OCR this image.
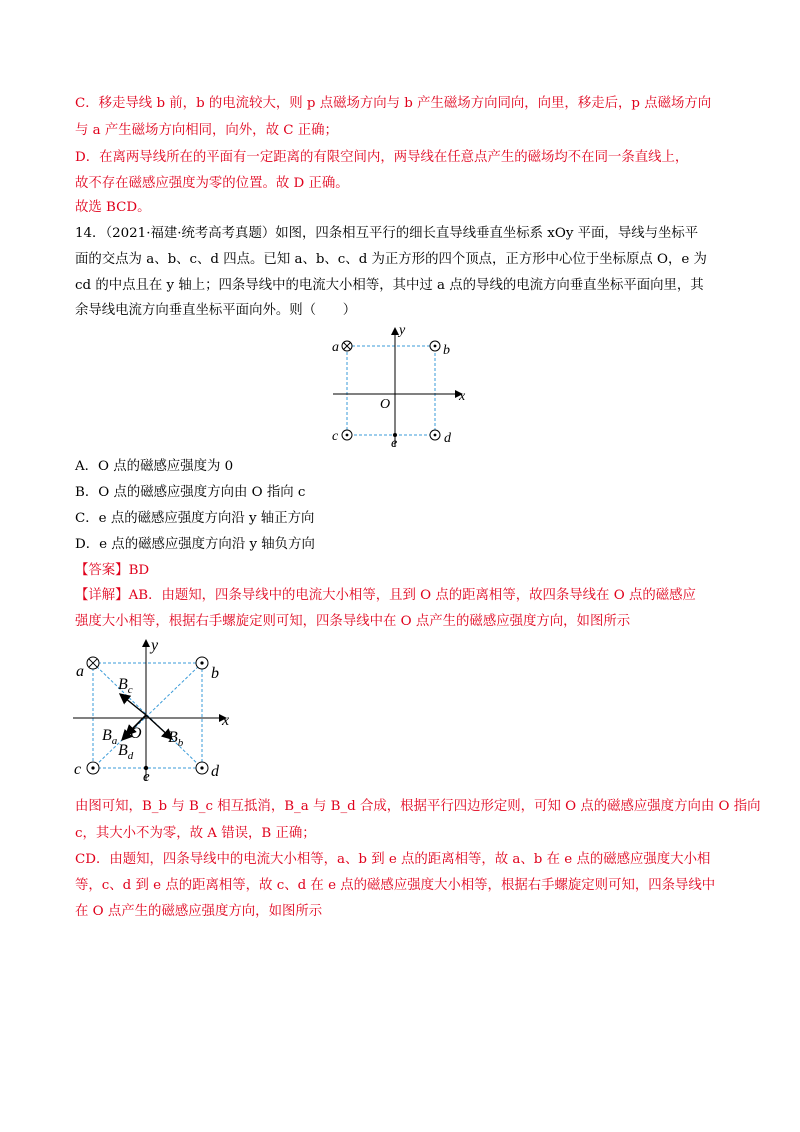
C．移走导线 b 前，b 的电流较大，则 p 点磁场方向与 b 产生磁场方向同向，向里，移走后，p 点磁场方向
与 a 产生磁场方向相同，向外，故 C 正确；
D．在离两导线所在的平面有一定距离的有限空间内，两导线在任意点产生的磁场均不在同一条直线上，
故不存在磁感应强度为零的位置。故 D 正确。
故选 BCD。
14．（2021·福建·统考高考真题）如图，四条相互平行的细长直导线垂直坐标系 xOy 平面，导线与坐标平
面的交点为 a、b、c、d 四点。已知 a、b、c、d 为正方形的四个顶点，正方形中心位于坐标原点 O，e 为
cd 的中点且在 y 轴上；四条导线中的电流大小相等，其中过 a 点的导线的电流方向垂直坐标平面向里，其
余导线电流方向垂直坐标平面向外。则（　　）
a	b
c	d
O
e
x
y
A．O 点的磁感应强度为 0
B．O 点的磁感应强度方向由 O 指向 c
C．e 点的磁感应强度方向沿 y 轴正方向
D．e 点的磁感应强度方向沿 y 轴负方向
【答案】BD
【详解】AB．由题知，四条导线中的电流大小相等，且到 O 点的距离相等，故四条导线在 O 点的磁感应
强度大小相等，根据右手螺旋定则可知，四条导线中在 O 点产生的磁感应强度方向，如图所示
a	b
c	d
O
e
x
y
$B_c$
$B_b$
$B_a$
$B_d$
由图可知，B_b 与 B_c 相互抵消，B_a 与 B_d 合成，根据平行四边形定则，可知 O 点的磁感应强度方向由 O 指向
c，其大小不为零，故 A 错误，B 正确；
CD．由题知，四条导线中的电流大小相等，a、b 到 e 点的距离相等，故 a、b 在 e 点的磁感应强度大小相
等，c、d 到 e 点的距离相等，故 c、d 在 e 点的磁感应强度大小相等，根据右手螺旋定则可知，四条导线中
在 O 点产生的磁感应强度方向，如图所示
